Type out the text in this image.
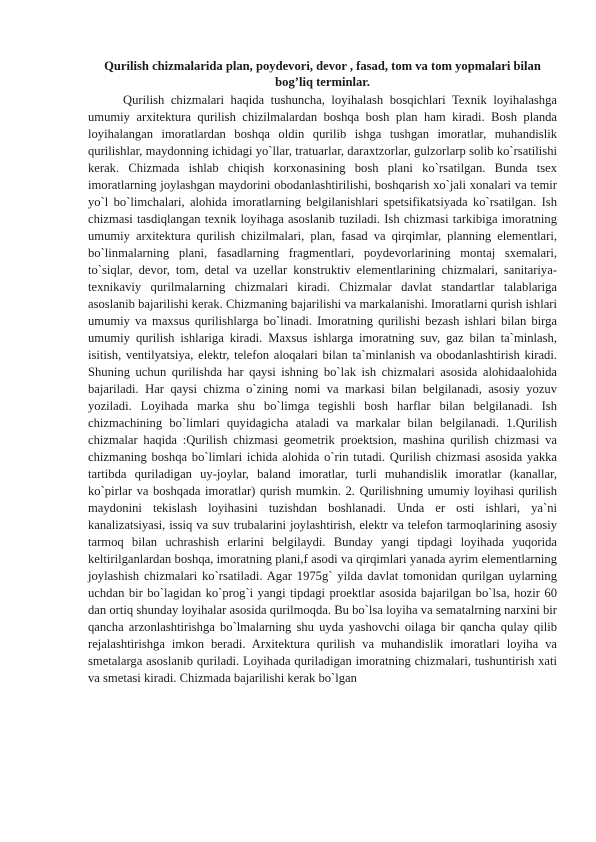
Qurilish chizmalarida plan, poydevori, devor , fasad, tom va tom yopmalari bilan bog’liq terminlar.

Qurilish chizmalari haqida tushuncha, loyihalash bosqichlari Texnik loyihalashga umumiy arxitektura qurilish chizilmalardan boshqa bosh plan ham kiradi. Bosh planda loyihalangan imoratlardan boshqa oldin qurilib ishga tushgan imoratlar, muhandislik qurilishlar, maydonning ichidagi yo`llar, tratuarlar, daraxtzorlar, gulzorlarp solib ko`rsatilishi kerak. Chizmada ishlab chiqish korxonasining bosh plani ko`rsatilgan. Bunda tsex imoratlarning joylashgan maydorini obodanlashtirilishi, boshqarish xo`jali xonalari va temir yo`l bo`limchalari, alohida imoratlarning belgilanishlari spetsifikatsiyada ko`rsatilgan. Ish chizmasi tasdiqlangan texnik loyihaga asoslanib tuziladi. Ish chizmasi tarkibiga imoratning umumiy arxitektura qurilish chizilmalari, plan, fasad va qirqimlar, planning elementlari, bo`linmalarning plani, fasadlarning fragmentlari, poydevorlarining montaj sxemalari, to`siqlar, devor, tom, detal va uzellar konstruktiv elementlarining chizmalari, sanitariya-texnikaviy qurilmalarning chizmalari kiradi. Chizmalar davlat standartlar talablariga asoslanib bajarilishi kerak. Chizmaning bajarilishi va markalanishi. Imoratlarni qurish ishlari umumiy va maxsus qurilishlarga bo`linadi. Imoratning qurilishi bezash ishlari bilan birga umumiy qurilish ishlariga kiradi. Maxsus ishlarga imoratning suv, gaz bilan ta`minlash, isitish, ventilyatsiya, elektr, telefon aloqalari bilan ta`minlanish va obodanlashtirish kiradi. Shuning uchun qurilishda har qaysi ishning bo`lak ish chizmalari asosida alohidaalohida bajariladi. Har qaysi chizma o`zining nomi va markasi bilan belgilanadi, asosiy yozuv yoziladi. Loyihada marka shu bo`limga tegishli bosh harflar bilan belgilanadi. Ish chizmachining bo`limlari quyidagicha ataladi va markalar bilan belgilanadi. 1.Qurilish chizmalar haqida :Qurilish chizmasi geometrik proektsion, mashina qurilish chizmasi va chizmaning boshqa bo`limlari ichida alohida o`rin tutadi. Qurilish chizmasi asosida yakka tartibda quriladigan uy-joylar, baland imoratlar, turli muhandislik imoratlar (kanallar, ko`pirlar va boshqada imoratlar) qurish mumkin. 2. Qurilishning umumiy loyihasi qurilish maydonini tekislash loyihasini tuzishdan boshlanadi. Unda er osti ishlari, ya`ni kanalizatsiyasi, issiq va suv trubalarini joylashtirish, elektr va telefon tarmoqlarining asosiy tarmoq bilan uchrashish erlarini belgilaydi. Bunday yangi tipdagi loyihada yuqorida keltirilganlardan boshqa, imoratning plani,f asodi va qirqimlari yanada ayrim elementlarning joylashish chizmalari ko`rsatiladi. Agar 1975g` yilda davlat tomonidan qurilgan uylarning uchdan bir bo`lagidan ko`prog`i yangi tipdagi proektlar asosida bajarilgan bo`lsa, hozir 60 dan ortiq shunday loyihalar asosida qurilmoqda. Bu bo`lsa loyiha va sematalrning narxini bir qancha arzonlashtirishga bo`lmalarning shu uyda yashovchi oilaga bir qancha qulay qilib rejalashtirishga imkon beradi. Arxitektura qurilish va muhandislik imoratlari loyiha va smetalarga asoslanib quriladi. Loyihada quriladigan imoratning chizmalari, tushuntirish xati va smetasi kiradi. Chizmada bajarilishi kerak bo`lgan
